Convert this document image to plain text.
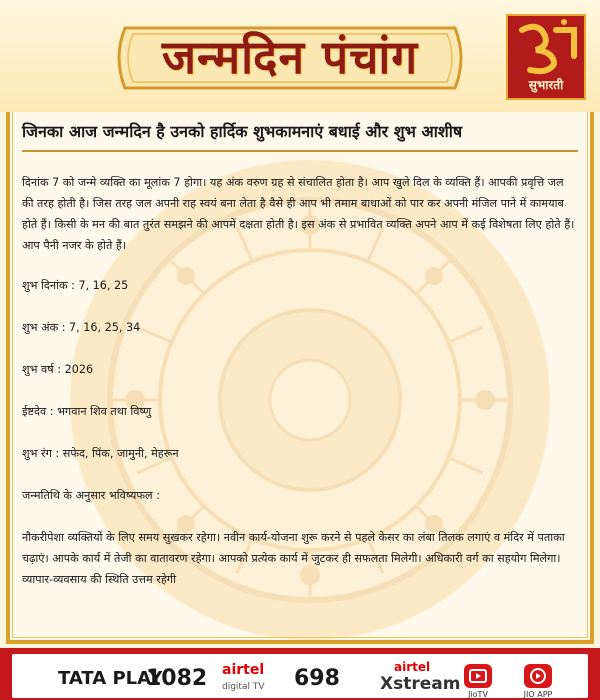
जन्मदिन पंचांग
सुभारती
जिनका आज जन्मदिन है उनको हार्दिक शुभकामनाएं बधाई और शुभ आशीष

दिनांक 7 को जन्मे व्यक्ति का मूलांक 7 होगा। यह अंक वरुण ग्रह से संचालित होता है। आप खुले दिल के व्यक्ति हैं। आपकी प्रवृत्ति जल की तरह होती है। जिस तरह जल अपनी राह स्वयं बना लेता है वैसे ही आप भी तमाम बाधाओं को पार कर अपनी मंजिल पाने में कामयाब होते हैं। किसी के मन की बात तुरंत समझने की आपमें दक्षता होती है। इस अंक से प्रभावित व्यक्ति अपने आप में कई विशेषता लिए होते हैं। आप पैनी नजर के होते हैं।

शुभ दिनांक : 7, 16, 25

शुभ अंक : 7, 16, 25, 34

शुभ वर्ष : 2026

ईष्टदेव : भगवान शिव तथा विष्णु

शुभ रंग : सफेद, पिंक, जामुनी, मेहरून

जन्मतिथि के अनुसार भविष्यफल :

नौकरीपेशा व्यक्तियों के लिए समय सुखकर रहेगा। नवीन कार्य-योजना शुरू करने से पहले केसर का लंबा तिलक लगाएं व मंदिर में पताका चढ़ाएं। आपके कार्य में तेजी का वातावरण रहेगा। आपको प्रत्येक कार्य में जुटकर ही सफलता मिलेगी। अधिकारी वर्ग का सहयोग मिलेगा। व्यापार-व्यवसाय की स्थिति उत्तम रहेगी

TATA PLAY
1082 airtel
digital TV 698	airtel
Xstream
JioTV	JIO APP
